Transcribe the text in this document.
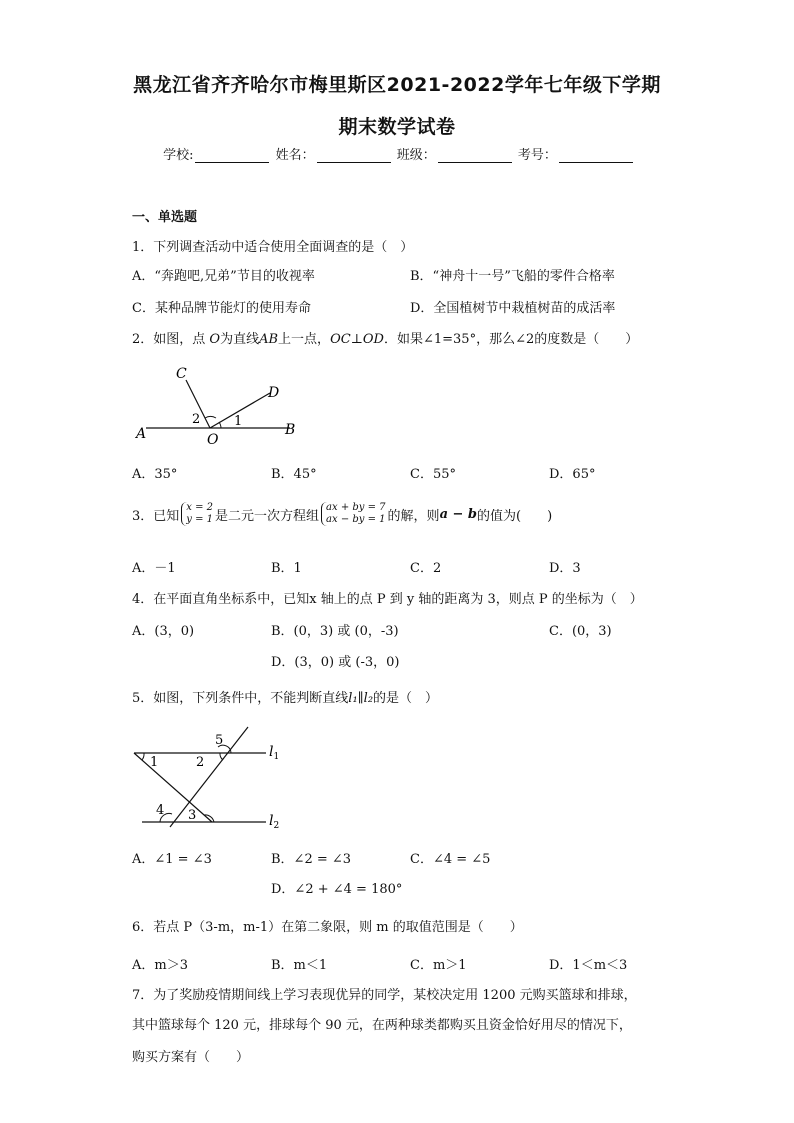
黑龙江省齐齐哈尔市梅里斯区2021-2022学年七年级下学期
期末数学试卷
学校:	姓名：	班级：	考号：
一、单选题
1．下列调查活动中适合使用全面调查的是（　）
A．“奔跑吧,兄弟”节目的收视率	B．“神舟十一号”飞船的零件合格率
C．某种品牌节能灯的使用寿命	D．全国植树节中栽植树苗的成活率
2．如图，点 O为直线AB上一点，OC⊥OD．如果∠1=35°，那么∠2的度数是（　　）
C
D
A	B
O
1
2
A．35°	B．45°	C．55°	D．65°
3．已知
x = 2
y = 1 是二元一次方程组
ax + by = 7
ax − by = 1 的解，则 a − b 的值为(　　)
A．－1	B．1	C．2	D．3
4．在平面直角坐标系中，已知x 轴上的点 P 到 y 轴的距离为 3，则点 P 的坐标为（　）
A．(3，0)	B．(0，3) 或 (0，-3)	C．(0，3)
D．(3，0) 或 (-3，0)
5．如图，下列条件中，不能判断直线l₁∥l₂的是（　）
1	2
3
4
5
$l_1$
$l_2$
A．∠1 = ∠3	B．∠2 = ∠3	C．∠4 = ∠5
D．∠2 + ∠4 = 180°
6．若点 P（3-m，m-1）在第二象限，则 m 的取值范围是（　　）
A．m＞3	B．m＜1	C．m＞1	D．1＜m＜3
7．为了奖励疫情期间线上学习表现优异的同学，某校决定用 1200 元购买篮球和排球，
其中篮球每个 120 元，排球每个 90 元，在两种球类都购买且资金恰好用尽的情况下，
购买方案有（　　）
